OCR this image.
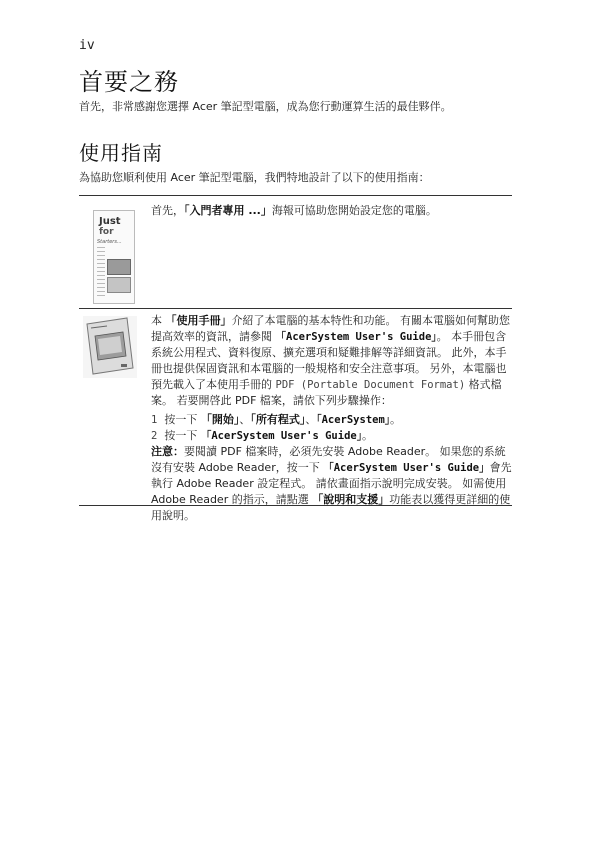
iv
首要之務
首先，非常感謝您選擇 Acer 筆記型電腦，成為您行動運算生活的最佳夥伴。
使用指南
為協助您順利使用 Acer 筆記型電腦，我們特地設計了以下的使用指南：
Just
for
Starters...
首先，「入門者專用 ...」海報可協助您開始設定您的電腦。

本 「使用手冊」介紹了本電腦的基本特性和功能。 有關本電腦如何幫助您提高效率的資訊，請參閱 「AcerSystem User's Guide」。 本手冊包含系統公用程式、資料復原、擴充選項和疑難排解等詳細資訊。 此外，本手冊也提供保固資訊和本電腦的一般規格和安全注意事項。 另外，本電腦也預先載入了本使用手冊的 PDF (Portable Document Format) 格式檔案。 若要開啓此 PDF 檔案，請依下列步驟操作：

1 按一下 「開始」、「所有程式」、「AcerSystem」。

2 按一下 「AcerSystem User's Guide」。

注意：要閱讀 PDF 檔案時，必須先安裝 Adobe Reader。 如果您的系統沒有安裝 Adobe Reader，按一下 「AcerSystem User's Guide」會先執行 Adobe Reader 設定程式。 請依畫面指示說明完成安裝。 如需使用 Adobe Reader 的指示，請點選 「說明和支援」功能表以獲得更詳細的使用說明。
